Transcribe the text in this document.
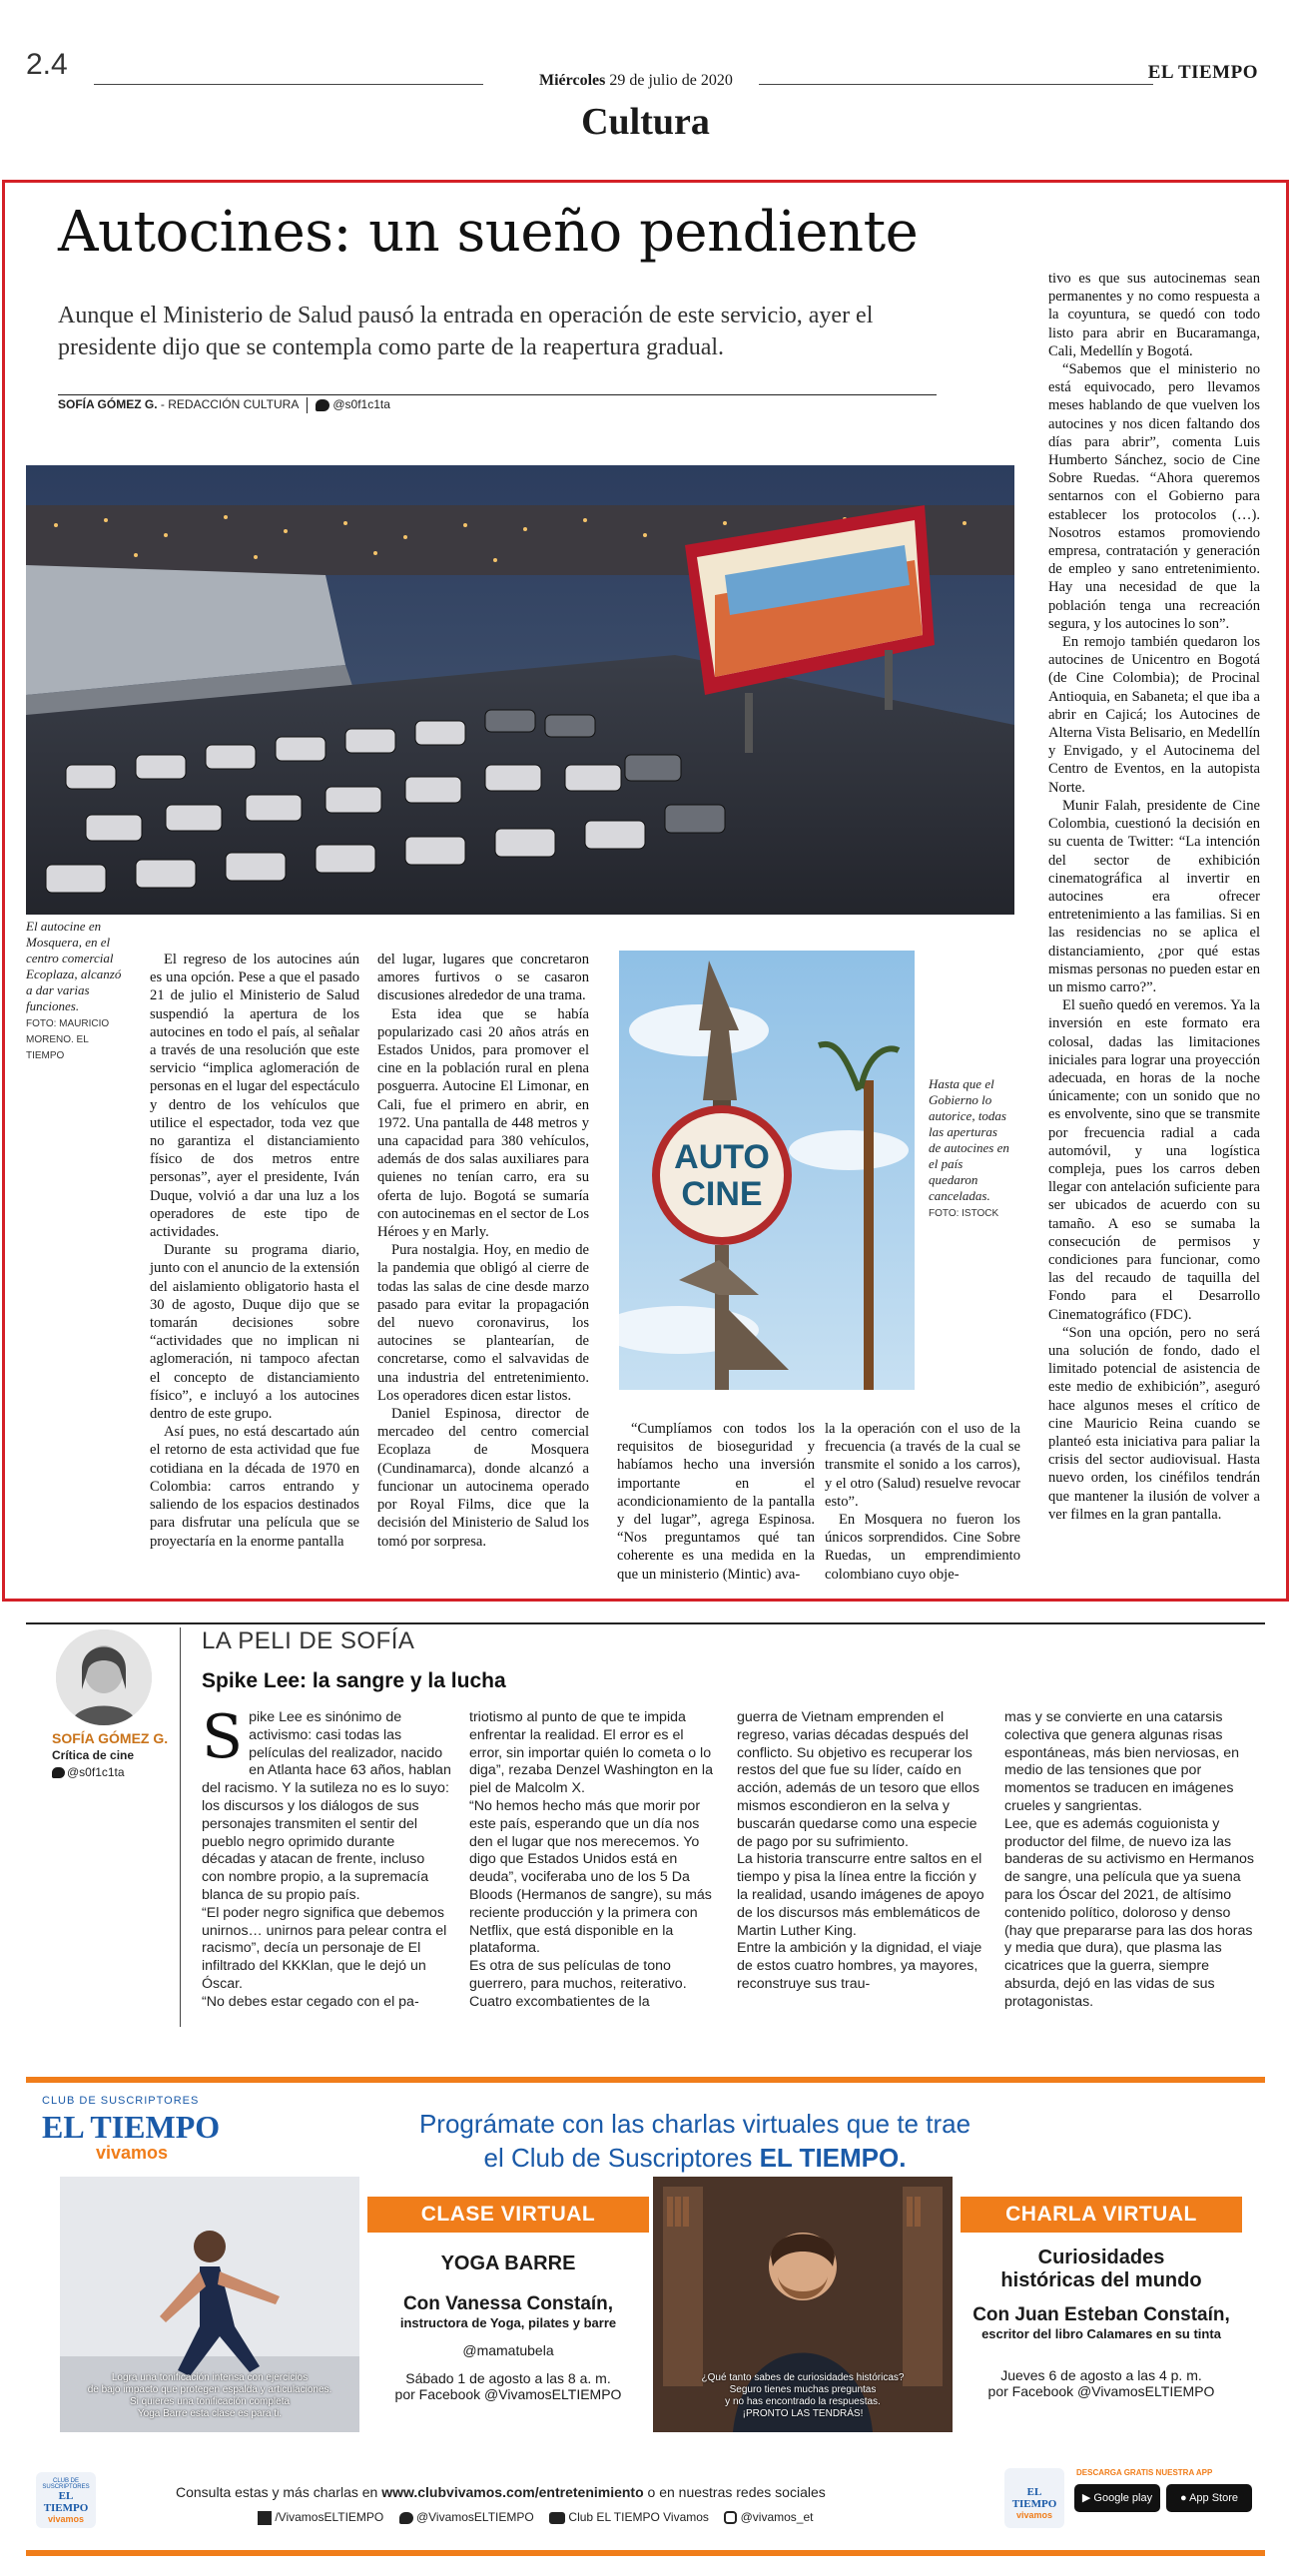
2.4	Miércoles 29 de julio de 2020	EL TIEMPO
Cultura
Autocines: un sueño pendiente
Aunque el Ministerio de Salud pausó la entrada en operación de este servicio, ayer el presidente dijo que se contempla como parte de la reapertura gradual.
SOFÍA GÓMEZ G. - REDACCIÓN CULTURA	@s0f1c1ta
El autocine en Mosquera, en el centro comercial Ecoplaza, alcanzó a dar varias funciones.
FOTO: MAURICIO MORENO. EL TIEMPO

El regreso de los autocines aún es una opción. Pese a que el pasado 21 de julio el Ministerio de Salud suspendió la apertura de los autocines en todo el país, al señalar a través de una resolución que este servicio “implica aglomeración de personas en el lugar del espectáculo y dentro de los vehículos que utilice el espectador, toda vez que no garantiza el distanciamiento físico de dos metros entre personas”, ayer el presidente, Iván Duque, volvió a dar una luz a los operadores de este tipo de actividades.

Durante su programa diario, junto con el anuncio de la extensión del aislamiento obligatorio hasta el 30 de agosto, Duque dijo que se tomarán decisiones sobre “actividades que no implican ni aglomeración, ni tampoco afectan el concepto de distanciamiento físico”, e incluyó a los autocines dentro de este grupo.

Así pues, no está descartado aún el retorno de esta actividad que fue cotidiana en la década de 1970 en Colombia: carros entrando y saliendo de los espacios destinados para disfrutar una película que se proyectaría en la enorme pantalla

del lugar, lugares que concretaron amores furtivos o se casaron discusiones alrededor de una trama.

Esta idea que se había popularizado casi 20 años atrás en Estados Unidos, para promover el cine en la población rural en plena posguerra. Autocine El Limonar, en Cali, fue el primero en abrir, en 1972. Una pantalla de 448 metros y una capacidad para 380 vehículos, además de dos salas auxiliares para quienes no tenían carro, era su oferta de lujo. Bogotá se sumaría con autocinemas en el sector de Los Héroes y en Marly.

Pura nostalgia. Hoy, en medio de la pandemia que obligó al cierre de todas las salas de cine desde marzo pasado para evitar la propagación del nuevo coronavirus, los autocines se plantearían, de concretarse, como el salvavidas de una industria del entretenimiento. Los operadores dicen estar listos.

Daniel Espinosa, director de mercadeo del centro comercial Ecoplaza de Mosquera (Cundinamarca), donde alcanzó a funcionar un autocinema operado por Royal Films, dice que la decisión del Ministerio de Salud los tomó por sorpresa.

AUTO
CINE
Hasta que el Gobierno lo autorice, todas las aperturas de autocines en el país quedaron canceladas.
FOTO: ISTOCK

“Cumplíamos con todos los requisitos de bioseguridad y habíamos hecho una inversión importante en el acondicionamiento de la pantalla y del lugar”, agrega Espinosa. “Nos preguntamos qué tan coherente es una medida en la que un ministerio (Mintic) ava-

la la operación con el uso de la frecuencia (a través de la cual se transmite el sonido a los carros), y el otro (Salud) resuelve revocar esto”.

En Mosquera no fueron los únicos sorprendidos. Cine Sobre Ruedas, un emprendimiento colombiano cuyo obje-

tivo es que sus autocinemas sean permanentes y no como respuesta a la coyuntura, se quedó con todo listo para abrir en Bucaramanga, Cali, Medellín y Bogotá.

“Sabemos que el ministerio no está equivocado, pero llevamos meses hablando de que vuelven los autocines y nos dicen faltando dos días para abrir”, comenta Luis Humberto Sánchez, socio de Cine Sobre Ruedas. “Ahora queremos sentarnos con el Gobierno para establecer los protocolos (…). Nosotros estamos promoviendo empresa, contratación y generación de empleo y sano entretenimiento. Hay una necesidad de que la población tenga una recreación segura, y los autocines lo son”.

En remojo también quedaron los autocines de Unicentro en Bogotá (de Cine Colombia); de Procinal Antioquia, en Sabaneta; el que iba a abrir en Cajicá; los Autocines de Alterna Vista Belisario, en Medellín y Envigado, y el Autocinema del Centro de Eventos, en la autopista Norte.

Munir Falah, presidente de Cine Colombia, cuestionó la decisión en su cuenta de Twitter: “La intención del sector de exhibición cinematográfica al invertir en autocines era ofrecer entretenimiento a las familias. Si en las residencias no se aplica el distanciamiento, ¿por qué estas mismas personas no pueden estar en un mismo carro?”.

El sueño quedó en veremos. Ya la inversión en este formato era colosal, dadas las limitaciones iniciales para lograr una proyección adecuada, en horas de la noche únicamente; con un sonido que no es envolvente, sino que se transmite por frecuencia radial a cada automóvil, y una logística compleja, pues los carros deben llegar con antelación suficiente para ser ubicados de acuerdo con su tamaño. A eso se sumaba la consecución de permisos y condiciones para funcionar, como las del recaudo de taquilla del Fondo para el Desarrollo Cinematográfico (FDC).

“Son una opción, pero no será una solución de fondo, dado el limitado potencial de asistencia de este medio de exhibición”, aseguró hace algunos meses el crítico de cine Mauricio Reina cuando se planteó esta iniciativa para paliar la crisis del sector audiovisual. Hasta nuevo orden, los cinéfilos tendrán que mantener la ilusión de volver a ver filmes en la gran pantalla.

SOFÍA GÓMEZ G.
Crítica de cine
@s0f1c1ta
LA PELI DE SOFÍA
Spike Lee: la sangre y la lucha
S pike Lee es sinónimo de activismo: casi todas las películas del realizador, nacido en Atlanta hace 63 años, hablan del racismo. Y la sutileza no es lo suyo: los discursos y los diálogos de sus personajes transmiten el sentir del pueblo negro oprimido durante décadas y atacan de frente, incluso con nombre propio, a la supremacía blanca de su propio país.

“El poder negro significa que debemos unirnos… unirnos para pelear contra el racismo”, decía un personaje de El infiltrado del KKKlan, que le dejó un Óscar.

“No debes estar cegado con el pa-

triotismo al punto de que te impida enfrentar la realidad. El error es el error, sin importar quién lo cometa o lo diga”, rezaba Denzel Washington en la piel de Malcolm X.

“No hemos hecho más que morir por este país, esperando que un día nos den el lugar que nos merecemos. Yo digo que Estados Unidos está en deuda”, vociferaba uno de los 5 Da Bloods (Hermanos de sangre), su más reciente producción y la primera con Netflix, que está disponible en la plataforma.

Es otra de sus películas de tono guerrero, para muchos, reiterativo. Cuatro excombatientes de la

guerra de Vietnam emprenden el regreso, varias décadas después del conflicto. Su objetivo es recuperar los restos del que fue su líder, caído en acción, además de un tesoro que ellos mismos escondieron en la selva y buscarán quedarse como una especie de pago por su sufrimiento.

La historia transcurre entre saltos en el tiempo y pisa la línea entre la ficción y la realidad, usando imágenes de apoyo de los discursos más emblemáticos de Martin Luther King.

Entre la ambición y la dignidad, el viaje de estos cuatro hombres, ya mayores, reconstruye sus trau-

mas y se convierte en una catarsis colectiva que genera algunas risas espontáneas, más bien nerviosas, en medio de las tensiones que por momentos se traducen en imágenes crueles y sangrientas.

Lee, que es además coguionista y productor del filme, de nuevo iza las banderas de su activismo en Hermanos de sangre, una película que ya suena para los Óscar del 2021, de altísimo contenido político, doloroso y denso (hay que prepararse para las dos horas y media que dura), que plasma las cicatrices que la guerra, siempre absurda, dejó en las vidas de sus protagonistas.

CLUB DE SUSCRIPTORES
EL TIEMPO
vivamos
Prográmate con las charlas virtuales que te trae
el Club de Suscriptores EL TIEMPO.
Logra una tonificación intensa con ejercicios
de bajo impacto que protegen espalda y articulaciones.
Si quieres una tonificación completa
Yoga Barre esta clase es para ti.
CLASE VIRTUAL
YOGA BARRE
Con Vanessa Constaín,
instructora de Yoga, pilates y barre
@mamatubela
Sábado 1 de agosto a las 8 a. m.
por Facebook @VivamosELTIEMPO
¿Qué tanto sabes de curiosidades históricas?
Seguro tienes muchas preguntas
y no has encontrado la respuestas.
¡PRONTO LAS TENDRÁS!
CHARLA VIRTUAL
Curiosidades
históricas del mundo
Con Juan Esteban Constaín,
escritor del libro Calamares en su tinta
Jueves 6 de agosto a las 4 p. m.
por Facebook @VivamosELTIEMPO
CLUB DE SUSCRIPTORES
EL TIEMPO
vivamos
Consulta estas y más charlas en www.clubvivamos.com/entretenimiento o en nuestras redes sociales
/VivamosELTIEMPO	@VivamosELTIEMPO	Club EL TIEMPO Vivamos	@vivamos_et
EL TIEMPO
vivamos
DESCARGA GRATIS NUESTRA APP
▶ Google play	● App Store
